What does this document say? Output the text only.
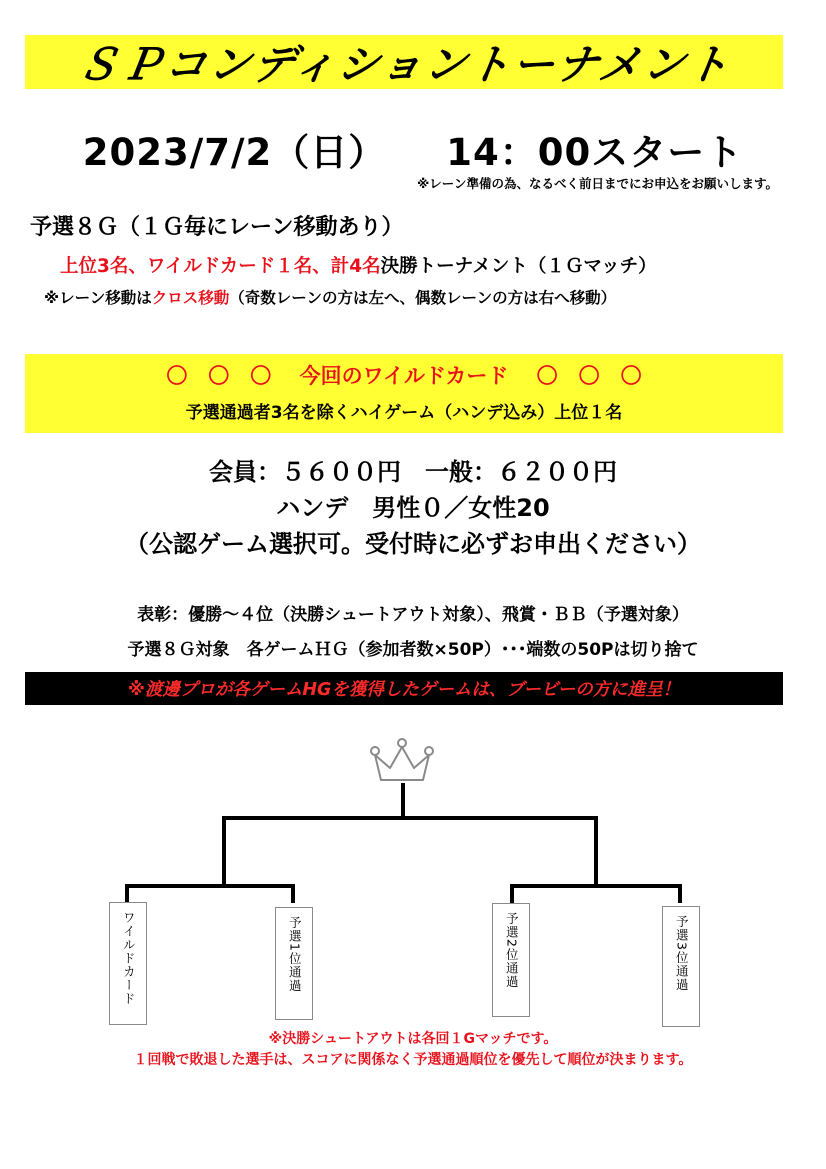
ＳＰコンディショントーナメント
2023/7/2（日） 14：00スタート
※レーン準備の為、なるべく前日までにお申込をお願いします。
予選８Ｇ（１Ｇ毎にレーン移動あり）
上位3名、ワイルドカード１名、計4名決勝トーナメント（１Ｇマッチ）
※レーン移動はクロス移動（奇数レーンの方は左へ、偶数レーンの方は右へ移動）
〇　〇　〇　 今回のワイルドカード　 〇　〇　〇
予選通過者3名を除くハイゲーム（ハンデ込み）上位１名
会員：５６００円　一般：６２００円
ハンデ　男性０／女性20
（公認ゲーム選択可。受付時に必ずお申出ください）
表彰：優勝～４位（決勝シュートアウト対象）、飛賞・ＢＢ（予選対象）
予選８Ｇ対象　各ゲームＨＧ（参加者数×50P）･･･端数の50Pは切り捨て
※渡邊プロが各ゲームHGを獲得したゲームは、ブービーの方に進呈！
ワイルドカード	予選1位通過	予選2位通過	予選3位通過
※決勝シュートアウトは各回１Gマッチです。
１回戦で敗退した選手は、スコアに関係なく予選通過順位を優先して順位が決まります。
